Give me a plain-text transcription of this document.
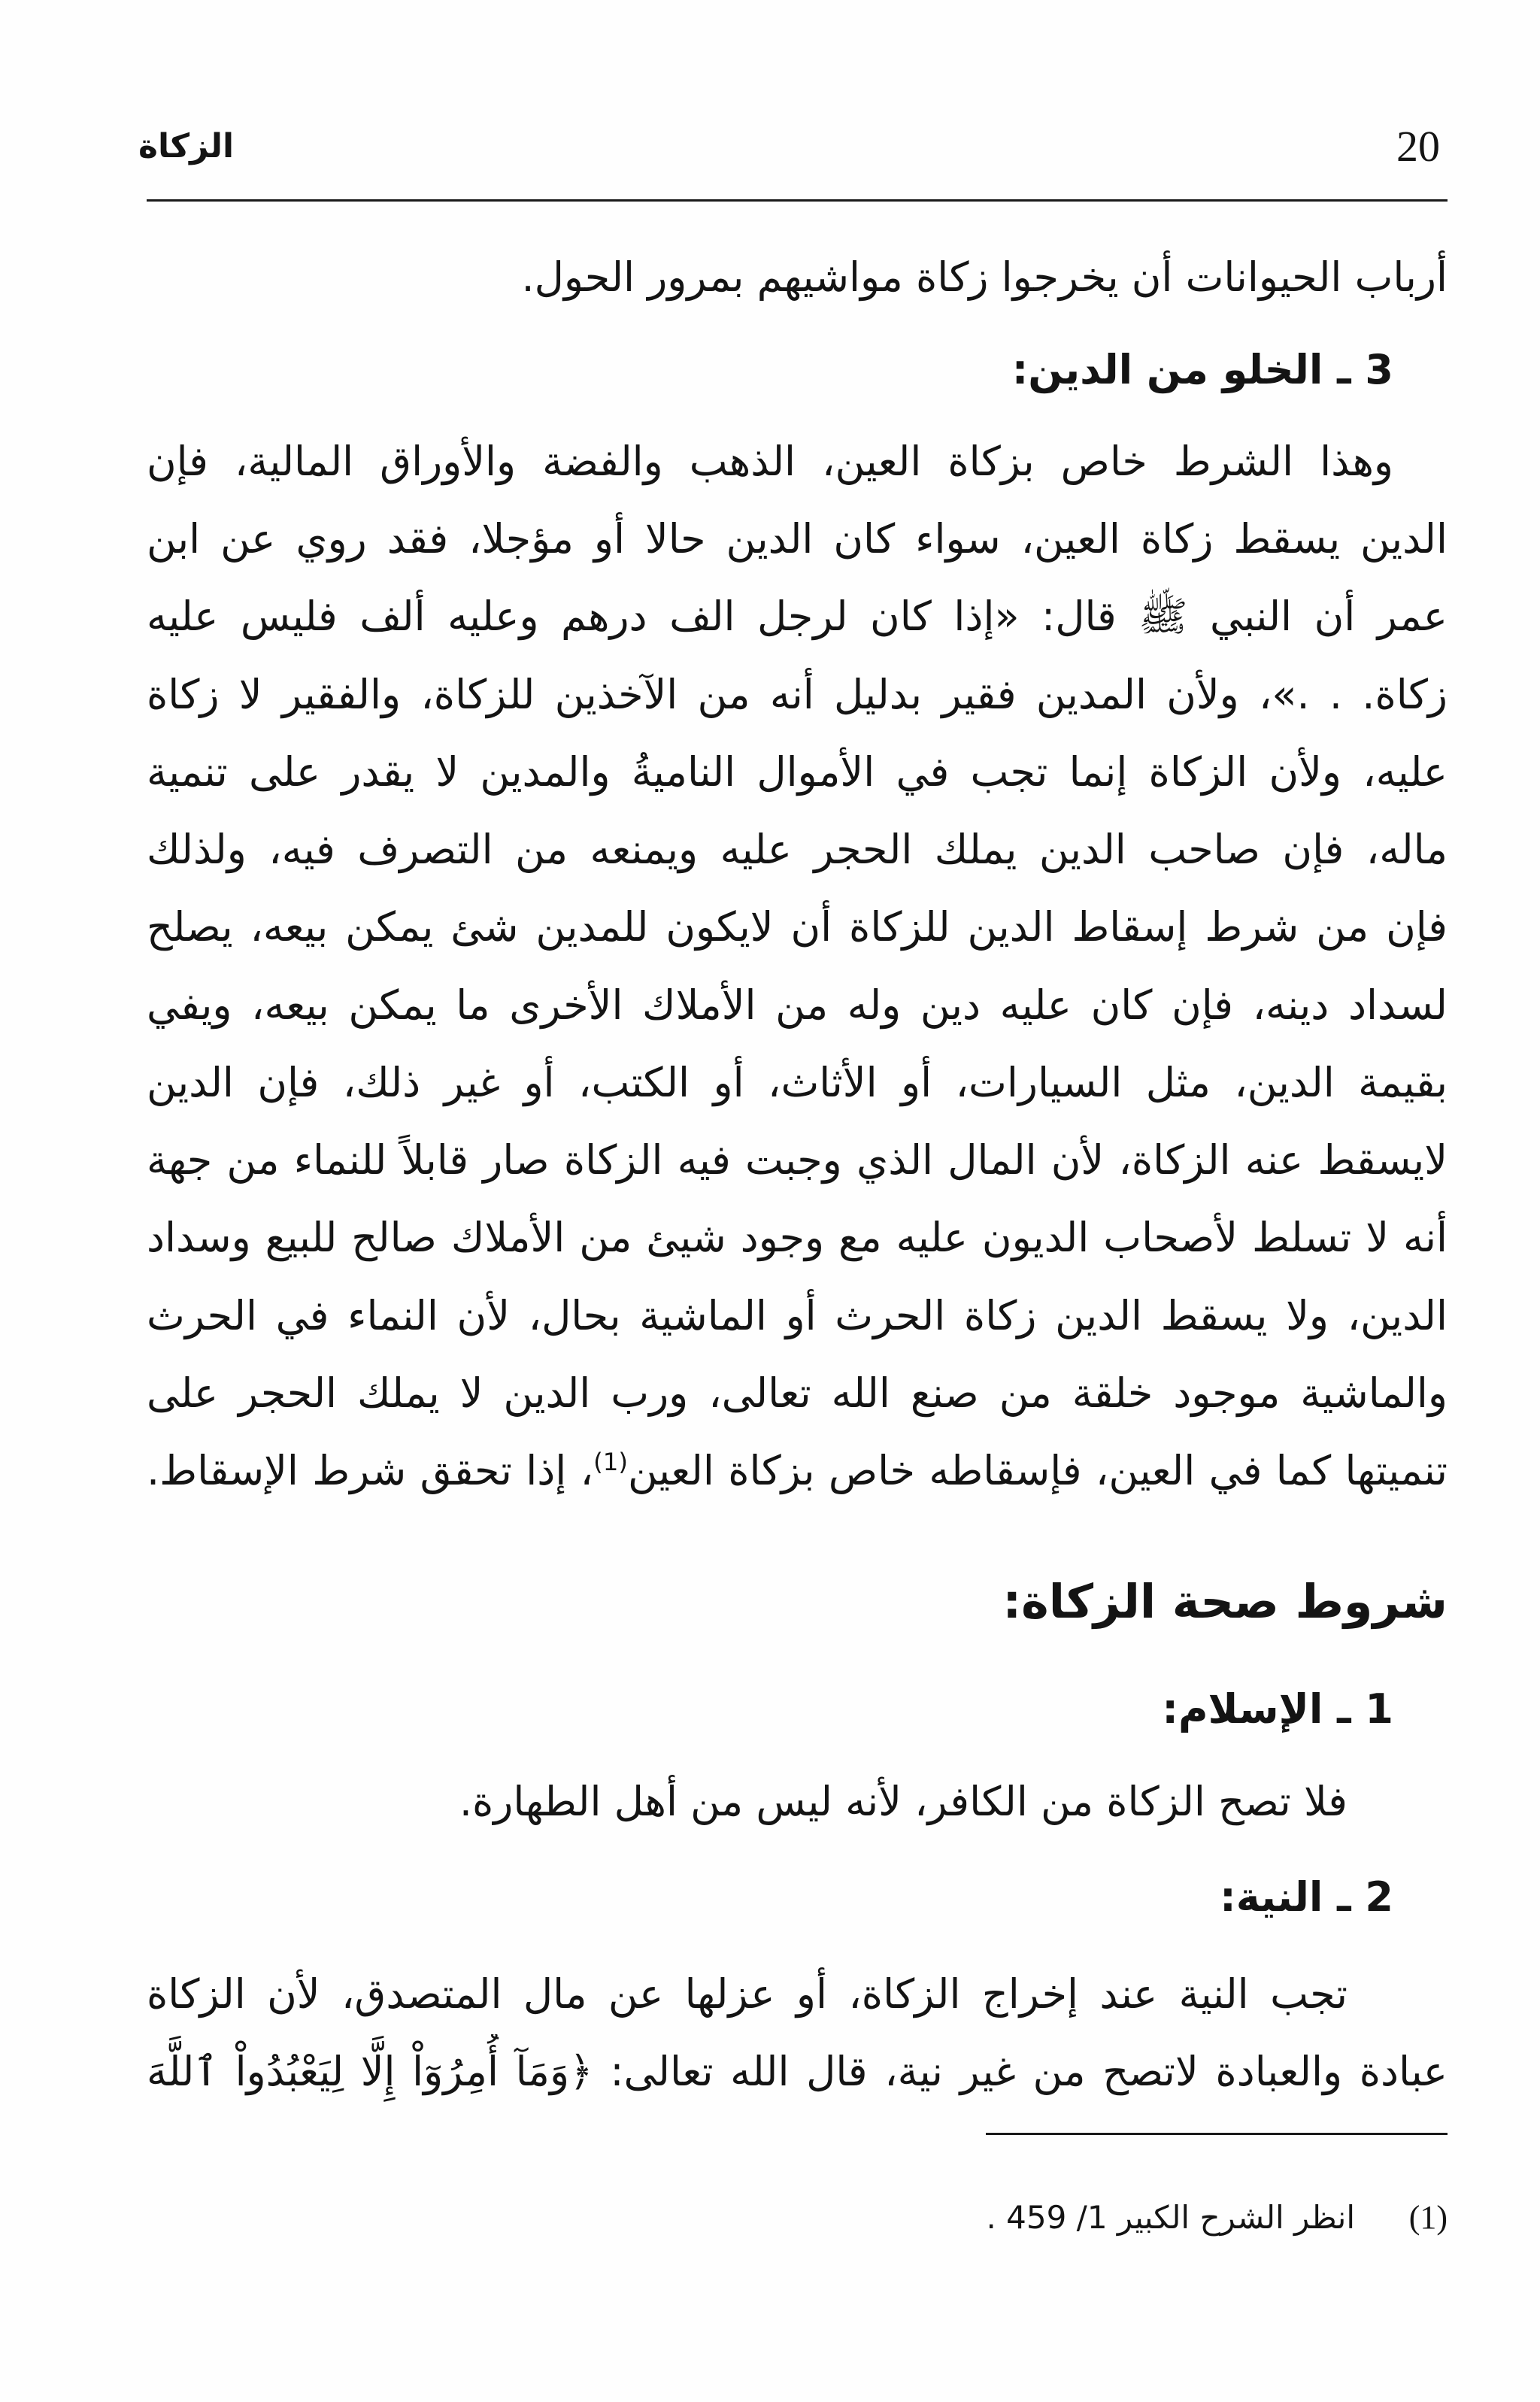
20
الزكاة
أرباب الحيوانات أن يخرجوا زكاة مواشيهم بمرور الحول.
3 ـ الخلو من الدين:
وهذا الشرط خاص بزكاة العين، الذهب والفضة والأوراق المالية، فإن
الدين يسقط زكاة العين، سواء كان الدين حالا أو مؤجلا، فقد روي عن ابن
عمر أن النبي ﷺ قال: «إذا كان لرجل الف درهم وعليه ألف فليس عليه
زكاة. . .»، ولأن المدين فقير بدليل أنه من الآخذين للزكاة، والفقير لا زكاة
عليه، ولأن الزكاة إنما تجب في الأموال الناميةُ والمدين لا يقدر على تنمية
ماله، فإن صاحب الدين يملك الحجر عليه ويمنعه من التصرف فيه، ولذلك
فإن من شرط إسقاط الدين للزكاة أن لايكون للمدين شئ يمكن بيعه، يصلح
لسداد دينه، فإن كان عليه دين وله من الأملاك الأخرى ما يمكن بيعه، ويفي
بقيمة الدين، مثل السيارات، أو الأثاث، أو الكتب، أو غير ذلك، فإن الدين
لايسقط عنه الزكاة، لأن المال الذي وجبت فيه الزكاة صار قابلاً للنماء من جهة
أنه لا تسلط لأصحاب الديون عليه مع وجود شيئ من الأملاك صالح للبيع وسداد
الدين، ولا يسقط الدين زكاة الحرث أو الماشية بحال، لأن النماء في الحرث
والماشية موجود خلقة من صنع الله تعالى، ورب الدين لا يملك الحجر على
تنميتها كما في العين، فإسقاطه خاص بزكاة العين$^{(1)}$، إذا تحقق شرط الإسقاط.
شروط صحة الزكاة:
1 ـ الإسلام:
فلا تصح الزكاة من الكافر، لأنه ليس من أهل الطهارة.
2 ـ النية:
تجب النية عند إخراج الزكاة، أو عزلها عن مال المتصدق، لأن الزكاة
عبادة والعبادة لاتصح من غير نية، قال الله تعالى: ﴿وَمَآ أُمِرُوٓاْ إِلَّا لِيَعْبُدُواْ ٱللَّهَ
(1)
انظر الشرح الكبير 1/ 459 .
